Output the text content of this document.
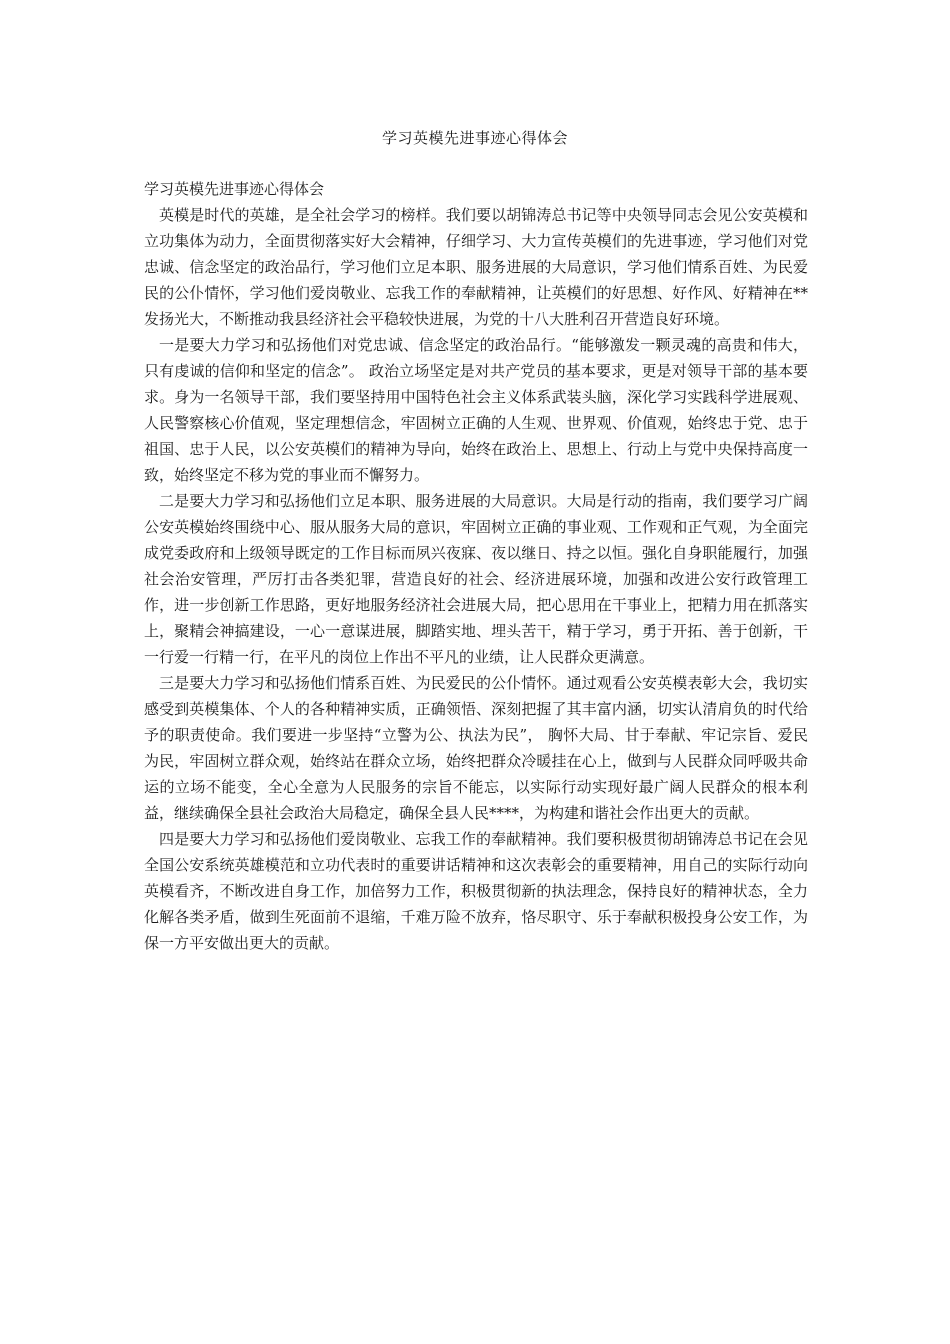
学习英模先进事迹心得体会

学习英模先进事迹心得体会

英模是时代的英雄，是全社会学习的榜样。我们要以胡锦涛总书记等中央领导同志会见公安英模和立功集体为动力，全面贯彻落实好大会精神，仔细学习、大力宣传英模们的先进事迹，学习他们对党忠诚、信念坚定的政治品行，学习他们立足本职、服务进展的大局意识，学习他们情系百姓、为民爱民的公仆情怀，学习他们爱岗敬业、忘我工作的奉献精神，让英模们的好思想、好作风、好精神在**发扬光大，不断推动我县经济社会平稳较快进展，为党的十八大胜利召开营造良好环境。

一是要大力学习和弘扬他们对党忠诚、信念坚定的政治品行。“能够激发一颗灵魂的高贵和伟大，只有虔诚的信仰和坚定的信念”。 政治立场坚定是对共产党员的基本要求，更是对领导干部的基本要求。身为一名领导干部，我们要坚持用中国特色社会主义体系武装头脑，深化学习实践科学进展观、人民警察核心价值观，坚定理想信念，牢固树立正确的人生观、世界观、价值观，始终忠于党、忠于祖国、忠于人民，以公安英模们的精神为导向，始终在政治上、思想上、行动上与党中央保持高度一致，始终坚定不移为党的事业而不懈努力。

二是要大力学习和弘扬他们立足本职、服务进展的大局意识。大局是行动的指南，我们要学习广阔公安英模始终围绕中心、服从服务大局的意识，牢固树立正确的事业观、工作观和正气观，为全面完成党委政府和上级领导既定的工作目标而夙兴夜寐、夜以继日、持之以恒。强化自身职能履行，加强社会治安管理，严厉打击各类犯罪，营造良好的社会、经济进展环境，加强和改进公安行政管理工作，进一步创新工作思路，更好地服务经济社会进展大局，把心思用在干事业上，把精力用在抓落实上，聚精会神搞建设，一心一意谋进展，脚踏实地、埋头苦干，精于学习，勇于开拓、善于创新，干一行爱一行精一行，在平凡的岗位上作出不平凡的业绩，让人民群众更满意。

三是要大力学习和弘扬他们情系百姓、为民爱民的公仆情怀。通过观看公安英模表彰大会，我切实感受到英模集体、个人的各种精神实质，正确领悟、深刻把握了其丰富内涵，切实认清肩负的时代给予的职责使命。我们要进一步坚持“立警为公、执法为民”， 胸怀大局、甘于奉献、牢记宗旨、爱民为民，牢固树立群众观，始终站在群众立场，始终把群众冷暖挂在心上，做到与人民群众同呼吸共命运的立场不能变，全心全意为人民服务的宗旨不能忘，以实际行动实现好最广阔人民群众的根本利益，继续确保全县社会政治大局稳定，确保全县人民****，为构建和谐社会作出更大的贡献。

四是要大力学习和弘扬他们爱岗敬业、忘我工作的奉献精神。我们要积极贯彻胡锦涛总书记在会见全国公安系统英雄模范和立功代表时的重要讲话精神和这次表彰会的重要精神，用自己的实际行动向英模看齐，不断改进自身工作，加倍努力工作，积极贯彻新的执法理念，保持良好的精神状态，全力化解各类矛盾，做到生死面前不退缩，千难万险不放弃，恪尽职守、乐于奉献积极投身公安工作，为保一方平安做出更大的贡献。
